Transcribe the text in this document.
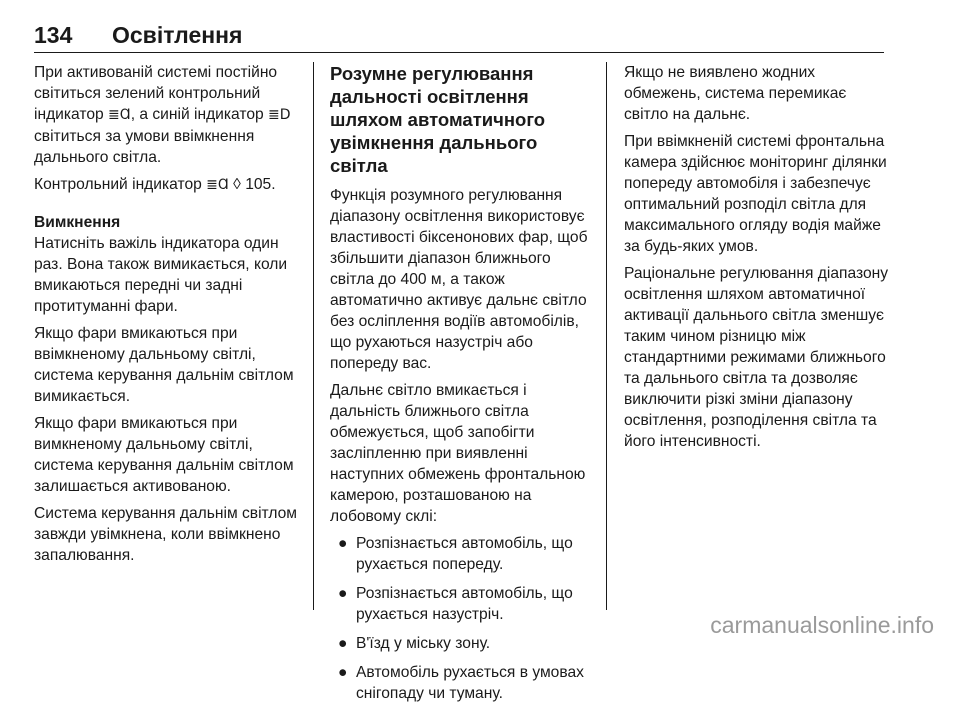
134 Освітлення

При активованій системі постійно світиться зелений контрольний індикатор ≣Ɑ, а синій індикатор ≣D світиться за умови ввімкнення дальнього світла.

Контрольний індикатор ≣Ɑ ◊ 105.

Вимкнення

Натисніть важіль індикатора один раз. Вона також вимикається, коли вмикаються передні чи задні протитуманні фари.

Якщо фари вмикаються при ввімкненому дальньому світлі, система керування дальнім світлом вимикається.

Якщо фари вмикаються при вимкненому дальньому світлі, система керування дальнім світлом залишається активованою.

Система керування дальнім світлом завжди увімкнена, коли ввімкнено запалювання.

Розумне регулювання дальності освітлення шляхом автоматичного увімкнення дальнього світла

Функція розумного регулювання діапазону освітлення використовує властивості біксенонових фар, щоб збільшити діапазон ближнього світла до 400 м, а також автоматично активує дальнє світло без осліплення водіїв автомобілів, що рухаються назустріч або попереду вас.

Дальнє світло вмикається і дальність ближнього світла обмежується, щоб запобігти засліпленню при виявленні наступних обмежень фронтальною камерою, розташованою на лобовому склі:

● Розпізнається автомобіль, що рухається попереду.
● Розпізнається автомобіль, що рухається назустріч.
● В'їзд у міську зону.
● Автомобіль рухається в умовах снігопаду чи туману.

Якщо не виявлено жодних обмежень, система перемикає світло на дальнє.

При ввімкненій системі фронтальна камера здійснює моніторинг ділянки попереду автомобіля і забезпечує оптимальний розподіл світла для максимального огляду водія майже за будь-яких умов.

Раціональне регулювання діапазону освітлення шляхом автоматичної активації дальнього світла зменшує таким чином різницю між стандартними режимами ближнього та дальнього світла та дозволяє виключити різкі зміни діапазону освітлення, розподілення світла та його інтенсивності.

carmanualsonline.info
